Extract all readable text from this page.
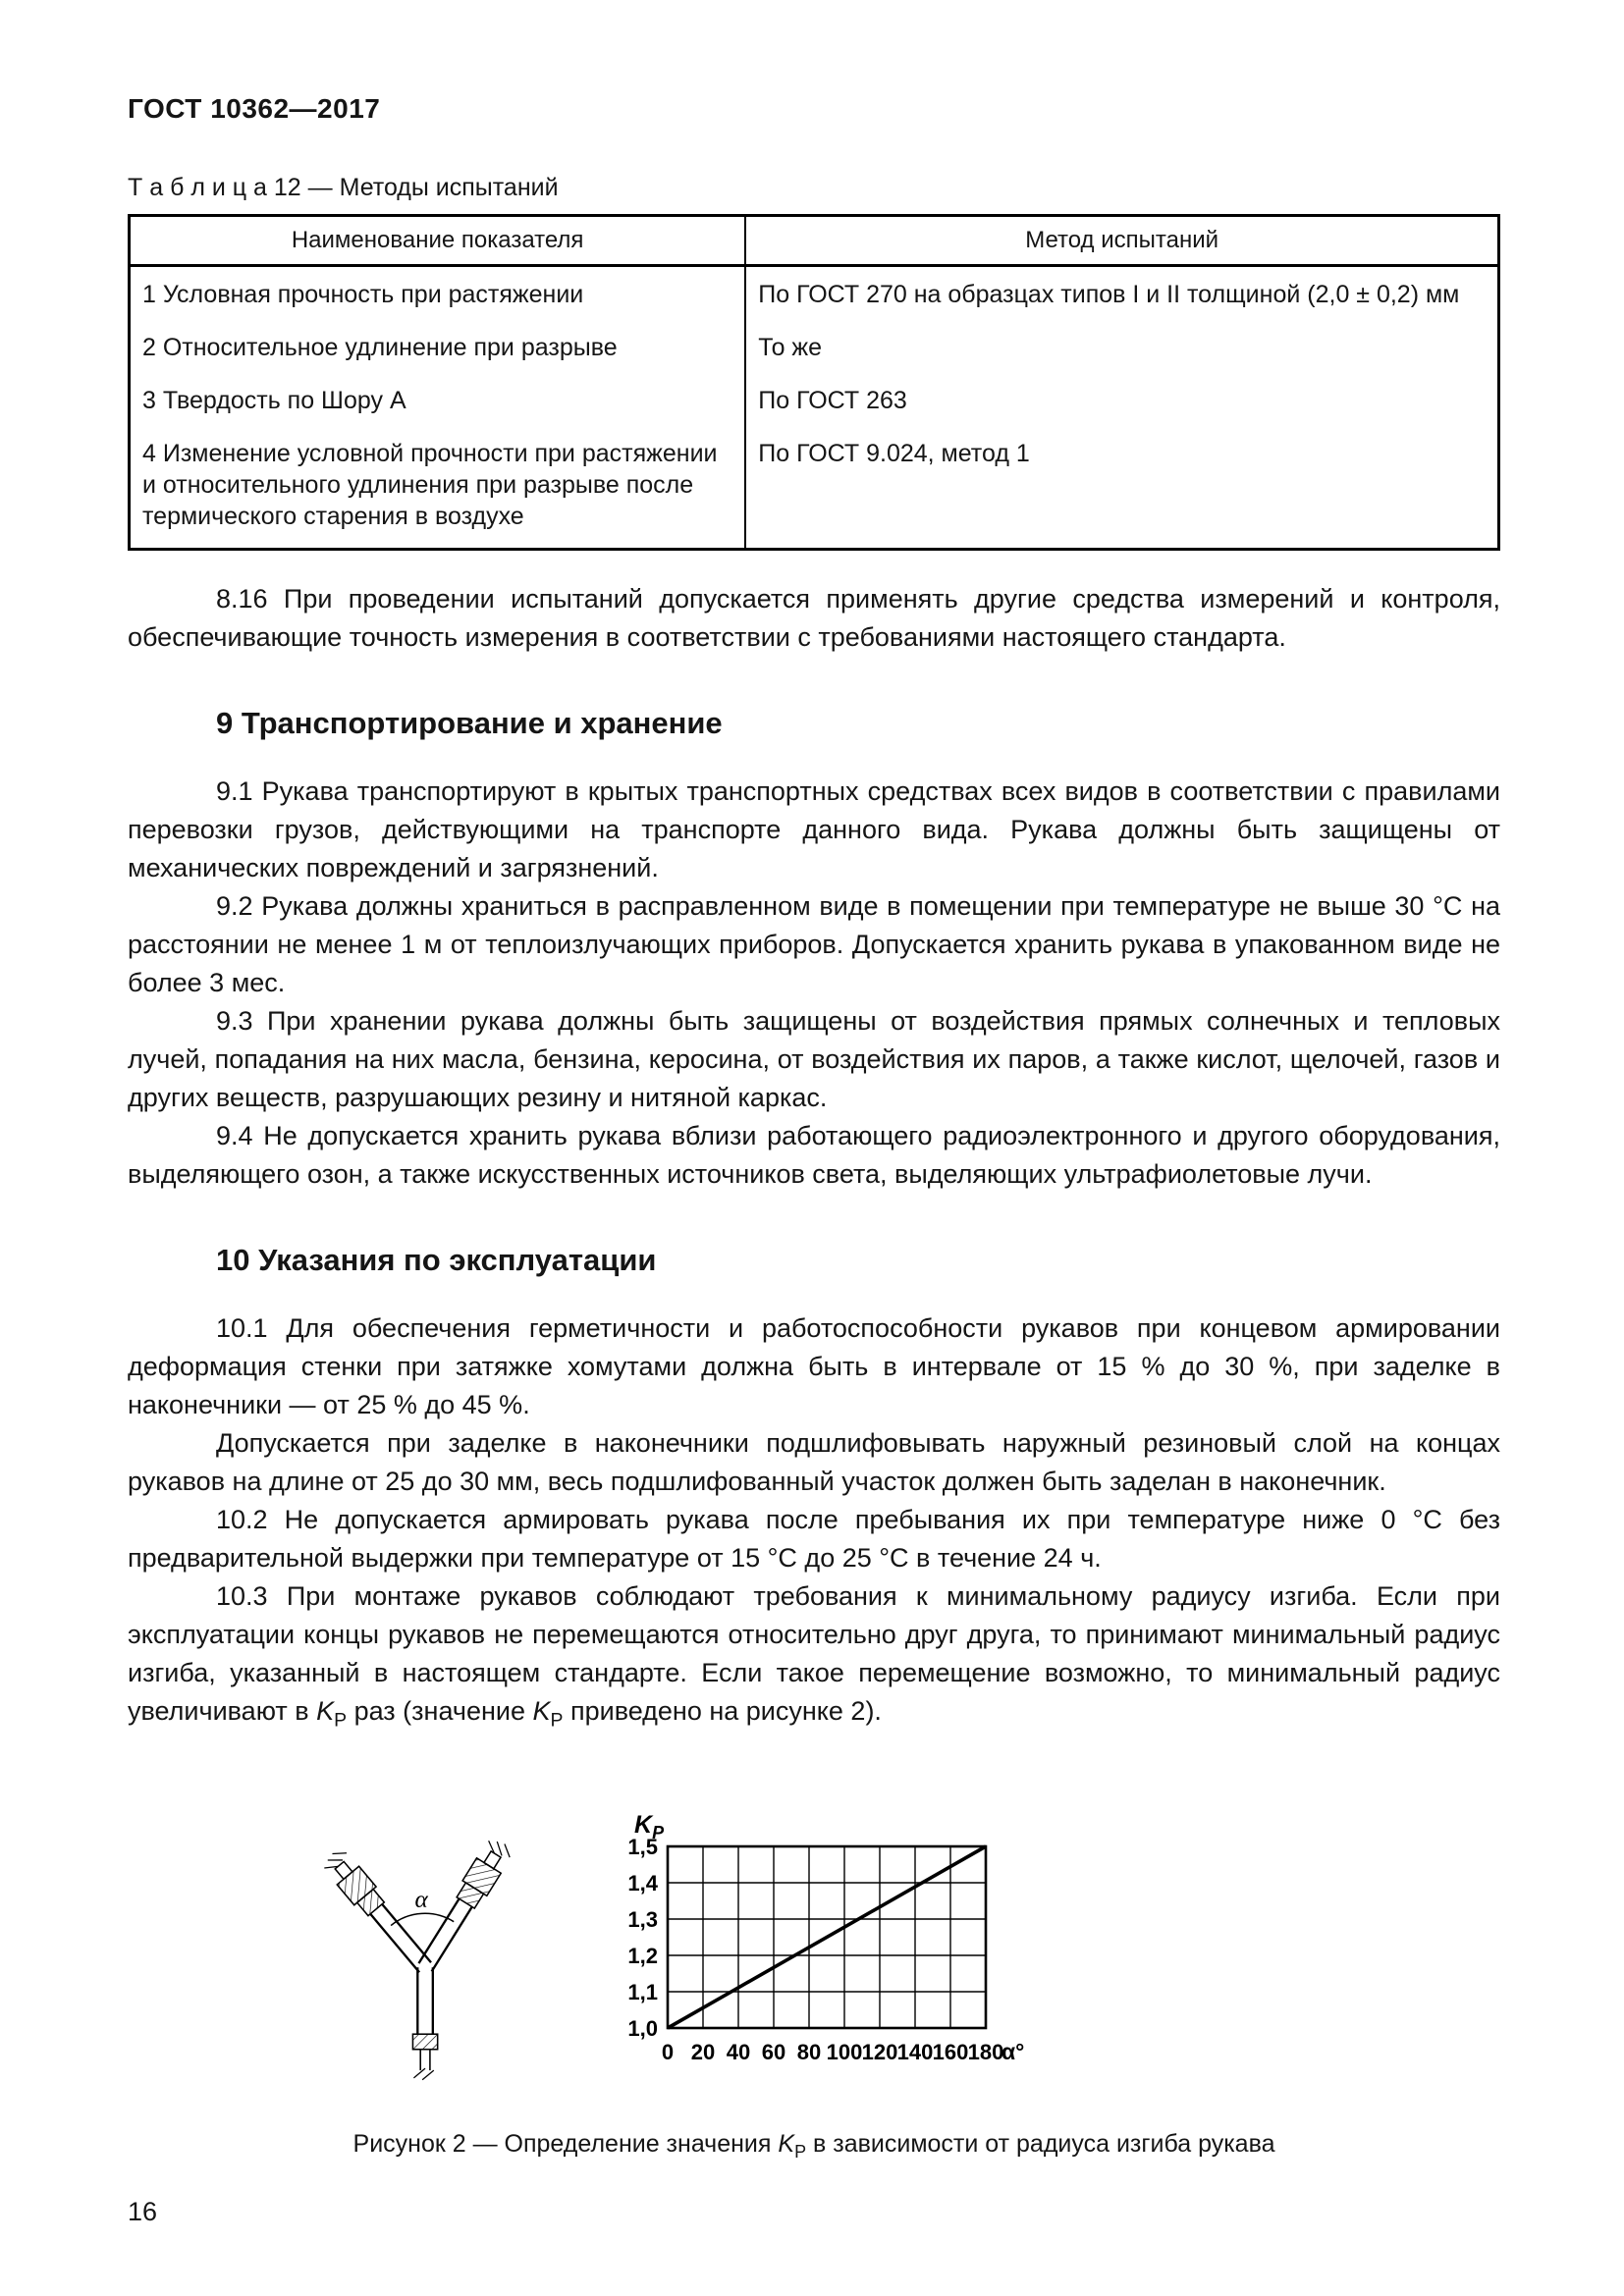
ГОСТ 10362—2017
Т а б л и ц а 12 — Методы испытаний
Наименование показателя	Метод испытаний
1 Условная прочность при растяжении	По ГОСТ 270 на образцах типов I и II толщиной (2,0 ± 0,2) мм
2 Относительное удлинение при разрыве	То же
3 Твердость по Шору А	По ГОСТ 263
4 Изменение условной прочности при растяжении и относительного удлинения при разрыве после термического старения в воздухе	По ГОСТ 9.024, метод 1

8.16 При проведении испытаний допускается применять другие средства измерений и контроля, обеспечивающие точность измерения в соответствии с требованиями настоящего стандарта.

9 Транспортирование и хранение

9.1 Рукава транспортируют в крытых транспортных средствах всех видов в соответствии с правилами перевозки грузов, действующими на транспорте данного вида. Рукава должны быть защищены от механических повреждений и загрязнений.

9.2 Рукава должны храниться в расправленном виде в помещении при температуре не выше 30 °С на расстоянии не менее 1 м от теплоизлучающих приборов. Допускается хранить рукава в упакованном виде не более 3 мес.

9.3 При хранении рукава должны быть защищены от воздействия прямых солнечных и тепловых лучей, попадания на них масла, бензина, керосина, от воздействия их паров, а также кислот, щелочей, газов и других веществ, разрушающих резину и нитяной каркас.

9.4 Не допускается хранить рукава вблизи работающего радиоэлектронного и другого оборудования, выделяющего озон, а также искусственных источников света, выделяющих ультрафиолетовые лучи.

10 Указания по эксплуатации

10.1 Для обеспечения герметичности и работоспособности рукавов при концевом армировании деформация стенки при затяжке хомутами должна быть в интервале от 15 % до 30 %, при заделке в наконечники — от 25 % до 45 %.

Допускается при заделке в наконечники подшлифовывать наружный резиновый слой на концах рукавов на длине от 25 до 30 мм, весь подшлифованный участок должен быть заделан в наконечник.

10.2 Не допускается армировать рукава после пребывания их при температуре ниже 0 °С без предварительной выдержки при температуре от 15 °С до 25 °С в течение 24 ч.

10.3 При монтаже рукавов соблюдают требования к минимальному радиусу изгиба. Если при эксплуатации концы рукавов не перемещаются относительно друг друга, то принимают минимальный радиус изгиба, указанный в настоящем стандарте. Если такое перемещение возможно, то минимальный радиус увеличивают в $K_Р$ раз (значение $K_Р$ приведено на рисунке 2).

α
0 20 40 60 80 100 120 140 160 180
1,0
1,1
1,2
1,3
1,4
1,5
α°
$K_Р$
Рисунок 2 — Определение значения $K_Р$ в зависимости от радиуса изгиба рукава
16
